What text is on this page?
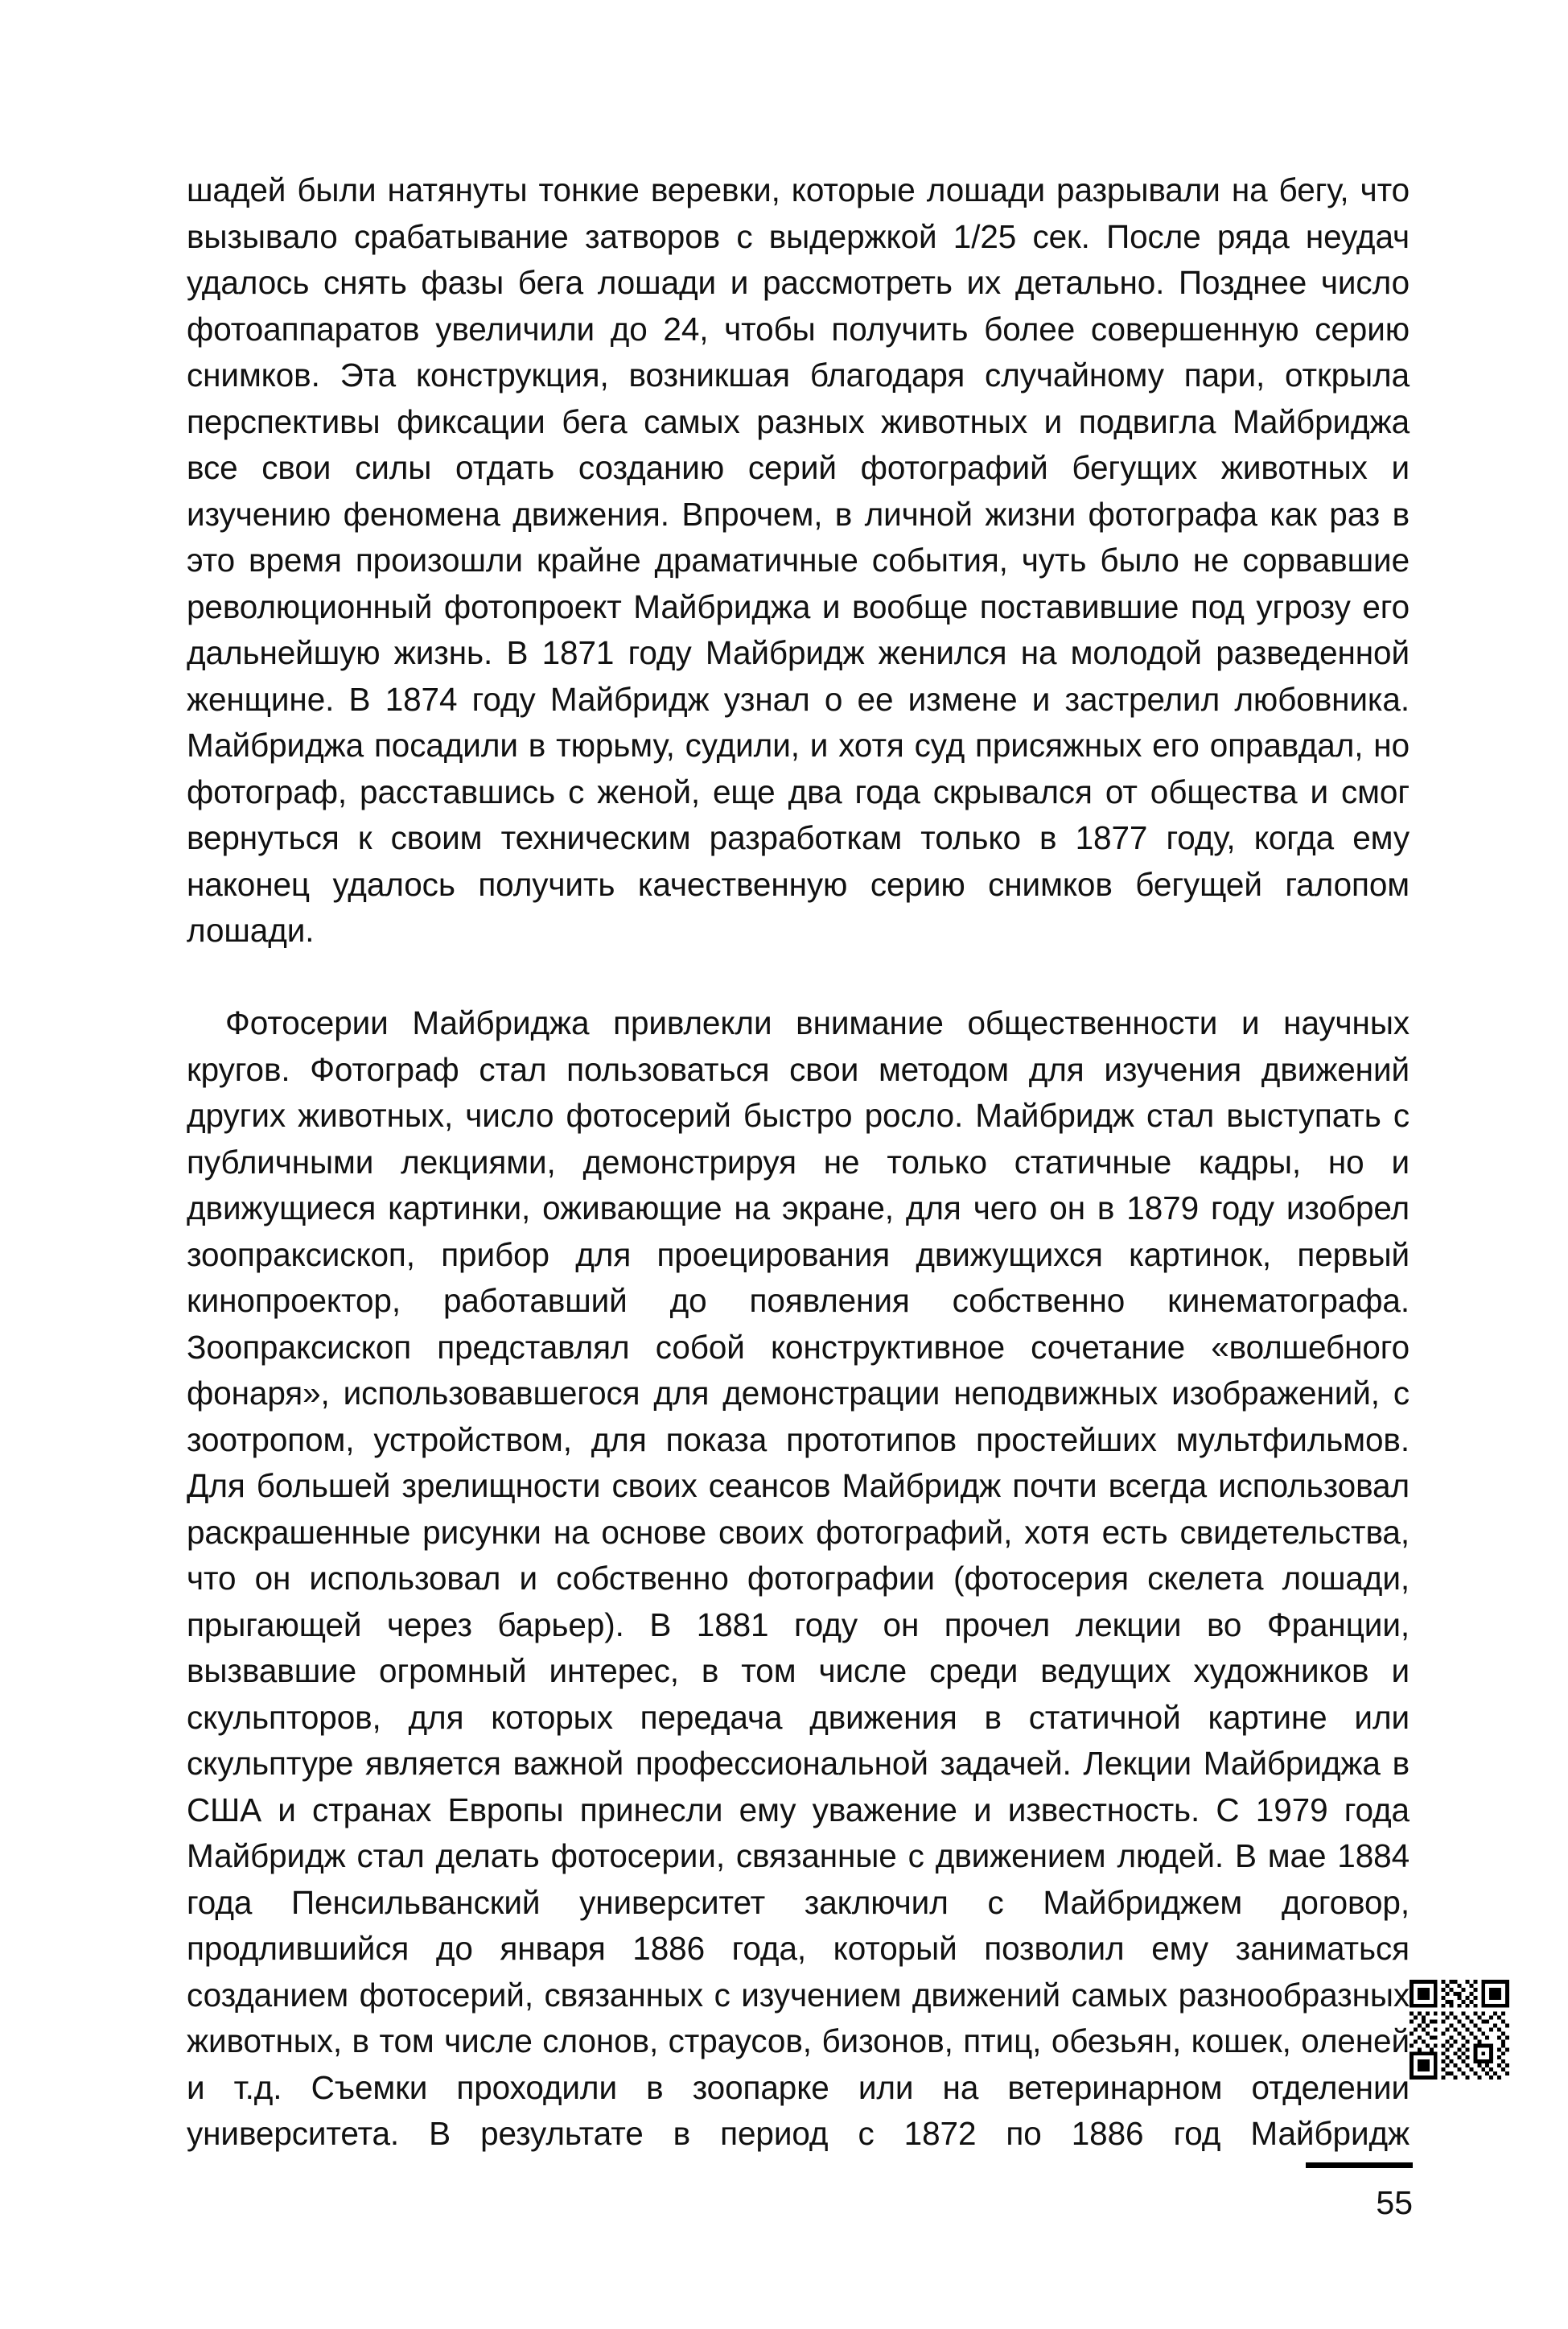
шадей были натянуты тонкие веревки, которые лошади разрывали на бегу, что вызывало срабатывание затворов с выдержкой 1/25 сек. После ряда неудач удалось снять фазы бега лошади и рассмотреть их детально. Позднее число фотоаппаратов увеличили до 24, чтобы получить более совершенную серию снимков. Эта конструкция, возникшая благодаря случайному пари, открыла перспективы фиксации бега самых разных животных и подвигла Майбриджа все свои силы отдать созданию серий фотографий бегущих животных и изучению феномена движения. Впрочем, в личной жизни фотографа как раз в это время произошли крайне драматичные события, чуть было не сорвавшие революционный фотопроект Майбриджа и вообще поставившие под угрозу его дальнейшую жизнь. В 1871 году Майбридж женился на молодой разведенной женщине. В 1874 году Майбридж узнал о ее измене и застрелил любовника. Майбриджа посадили в тюрьму, судили, и хотя суд присяжных его оправдал, но фотограф, расставшись с женой, еще два года скрывался от общества и смог вернуться к своим техническим разработкам только в 1877 году, когда ему наконец удалось получить качественную серию снимков бегущей галопом лошади.

Фотосерии Майбриджа привлекли внимание общественности и научных кругов. Фотограф стал пользоваться свои методом для изучения движений других животных, число фотосерий быстро росло. Майбридж стал выступать с публичными лекциями, демонстрируя не только статичные кадры, но и движущиеся картинки, оживающие на экране, для чего он в 1879 году изобрел зоопраксископ, прибор для проецирования движущихся картинок, первый кинопроектор, работавший до появления собственно кинематографа. Зоопраксископ представлял собой конструктивное сочетание «волшебного фонаря», использовавшегося для демонстрации неподвижных изображений, с зоотропом, устройством, для показа прототипов простейших мультфильмов. Для большей зрелищности своих сеансов Майбридж почти всегда использовал раскрашенные рисунки на основе своих фотографий, хотя есть свидетельства, что он использовал и собственно фотографии (фотосерия скелета лошади, прыгающей через барьер). В 1881 году он прочел лекции во Франции, вызвавшие огромный интерес, в том числе среди ведущих художников и скульпторов, для которых передача движения в статичной картине или скульптуре является важной профессиональной задачей. Лекции Майбриджа в США и странах Европы принесли ему уважение и известность. С 1979 года Майбридж стал делать фотосерии, связанные с движением людей. В мае 1884 года Пенсильванский университет заключил с Майбриджем договор, продлившийся до января 1886 года, который позволил ему заниматься созданием фотосерий, связанных с изучением движений самых разнообразных животных, в том числе слонов, страусов, бизонов, птиц, обезьян, кошек, оленей и т.д. Съемки проходили в зоопарке или на ветеринарном отделении университета. В результате в период с 1872 по 1886 год Майбридж

55
